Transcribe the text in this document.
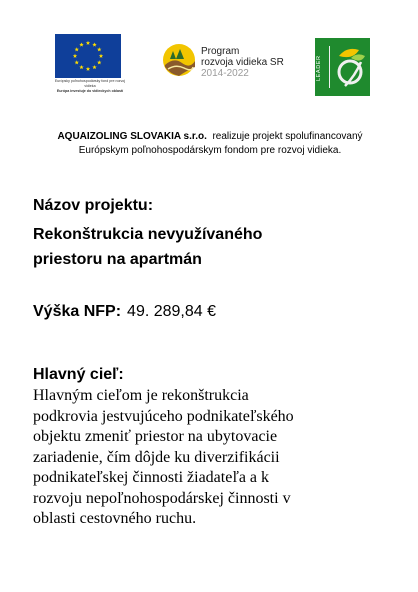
Európsky poľnohospodársky fond pre rozvoj vidieka
Európa investuje do vidieckych oblastí
Program
rozvoja vidieka SR
2014-2022	LEADER
AQUAIZOLING SLOVAKIA s.r.o.  realizuje projekt spolufinancovaný
Európskym poľnohospodárskym fondom pre rozvoj vidieka.
Názov projektu:
Rekonštrukcia nevyužívaného
priestoru na apartmán
Výška NFP: 49. 289,84 €
Hlavný cieľ:
Hlavným cieľom je rekonštrukcia
podkrovia jestvujúceho podnikateľského
objektu zmeniť priestor na ubytovacie
zariadenie, čím dôjde ku diverzifikácii
podnikateľskej činnosti žiadateľa a k
rozvoju nepoľnohospodárskej činnosti v
oblasti cestovného ruchu.
